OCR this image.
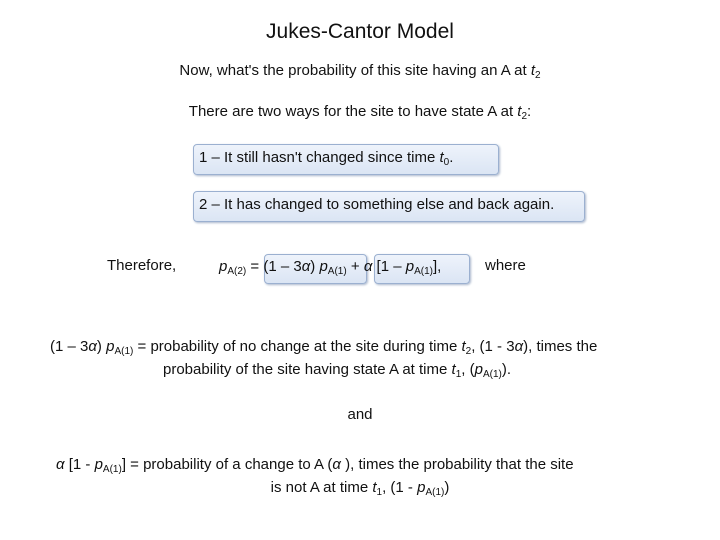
Jukes-Cantor Model
Now, what's the probability of this site having an A at $t_2$
There are two ways for the site to have state A at $t_2$:
1 – It still hasn't changed since time $t_0$.
2 – It has changed to something else and back again.
Therefore,	$p_{A(2)} = (1 - 3\alpha) p_{A(1)} + \alpha$ $[1 - p_{A(1)}]$,	where
(1 – 3α) $p_{A(1)}$ = probability of no change at the site during time $t_2$, (1 - 3α), times the
probability of the site having state A at time $t_1$, $(p_{A(1)})$.
and
α $[1 - p_{A(1)}]$ = probability of a change to A (α ), times the probability that the site
is not A at time $t_1$, $(1 - p_{A(1)})$
